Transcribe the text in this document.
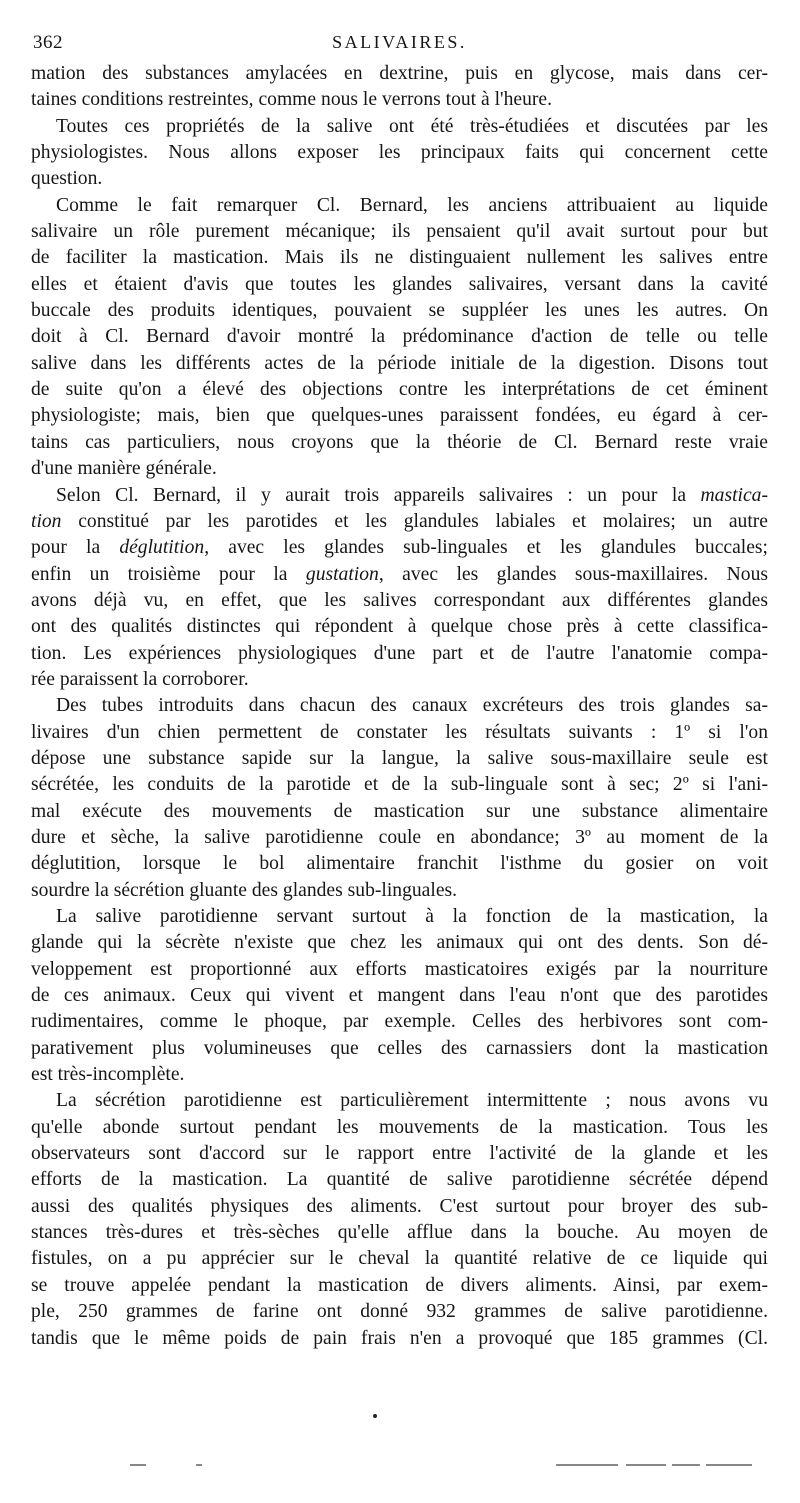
362	SALIVAIRES.
mation des substances amylacées en dextrine, puis en glycose, mais dans cer-
taines conditions restreintes, comme nous le verrons tout à l'heure.
Toutes ces propriétés de la salive ont été très-étudiées et discutées par les
physiologistes. Nous allons exposer les principaux faits qui concernent cette
question.
Comme le fait remarquer Cl. Bernard, les anciens attribuaient au liquide
salivaire un rôle purement mécanique; ils pensaient qu'il avait surtout pour but
de faciliter la mastication. Mais ils ne distinguaient nullement les salives entre
elles et étaient d'avis que toutes les glandes salivaires, versant dans la cavité
buccale des produits identiques, pouvaient se suppléer les unes les autres. On
doit à Cl. Bernard d'avoir montré la prédominance d'action de telle ou telle
salive dans les différents actes de la période initiale de la digestion. Disons tout
de suite qu'on a élevé des objections contre les interprétations de cet éminent
physiologiste; mais, bien que quelques-unes paraissent fondées, eu égard à cer-
tains cas particuliers, nous croyons que la théorie de Cl. Bernard reste vraie
d'une manière générale.
Selon Cl. Bernard, il y aurait trois appareils salivaires : un pour la mastica-
tion constitué par les parotides et les glandules labiales et molaires; un autre
pour la déglutition, avec les glandes sub-linguales et les glandules buccales;
enfin un troisième pour la gustation, avec les glandes sous-maxillaires. Nous
avons déjà vu, en effet, que les salives correspondant aux différentes glandes
ont des qualités distinctes qui répondent à quelque chose près à cette classifica-
tion. Les expériences physiologiques d'une part et de l'autre l'anatomie compa-
rée paraissent la corroborer.
Des tubes introduits dans chacun des canaux excréteurs des trois glandes sa-
livaires d'un chien permettent de constater les résultats suivants : 1º si l'on
dépose une substance sapide sur la langue, la salive sous-maxillaire seule est
sécrétée, les conduits de la parotide et de la sub-linguale sont à sec; 2º si l'ani-
mal exécute des mouvements de mastication sur une substance alimentaire
dure et sèche, la salive parotidienne coule en abondance; 3º au moment de la
déglutition, lorsque le bol alimentaire franchit l'isthme du gosier on voit
sourdre la sécrétion gluante des glandes sub-linguales.
La salive parotidienne servant surtout à la fonction de la mastication, la
glande qui la sécrète n'existe que chez les animaux qui ont des dents. Son dé-
veloppement est proportionné aux efforts masticatoires exigés par la nourriture
de ces animaux. Ceux qui vivent et mangent dans l'eau n'ont que des parotides
rudimentaires, comme le phoque, par exemple. Celles des herbivores sont com-
parativement plus volumineuses que celles des carnassiers dont la mastication
est très-incomplète.
La sécrétion parotidienne est particulièrement intermittente ; nous avons vu
qu'elle abonde surtout pendant les mouvements de la mastication. Tous les
observateurs sont d'accord sur le rapport entre l'activité de la glande et les
efforts de la mastication. La quantité de salive parotidienne sécrétée dépend
aussi des qualités physiques des aliments. C'est surtout pour broyer des sub-
stances très-dures et très-sèches qu'elle afflue dans la bouche. Au moyen de
fistules, on a pu apprécier sur le cheval la quantité relative de ce liquide qui
se trouve appelée pendant la mastication de divers aliments. Ainsi, par exem-
ple, 250 grammes de farine ont donné 932 grammes de salive parotidienne.
tandis que le même poids de pain frais n'en a provoqué que 185 grammes (Cl.
